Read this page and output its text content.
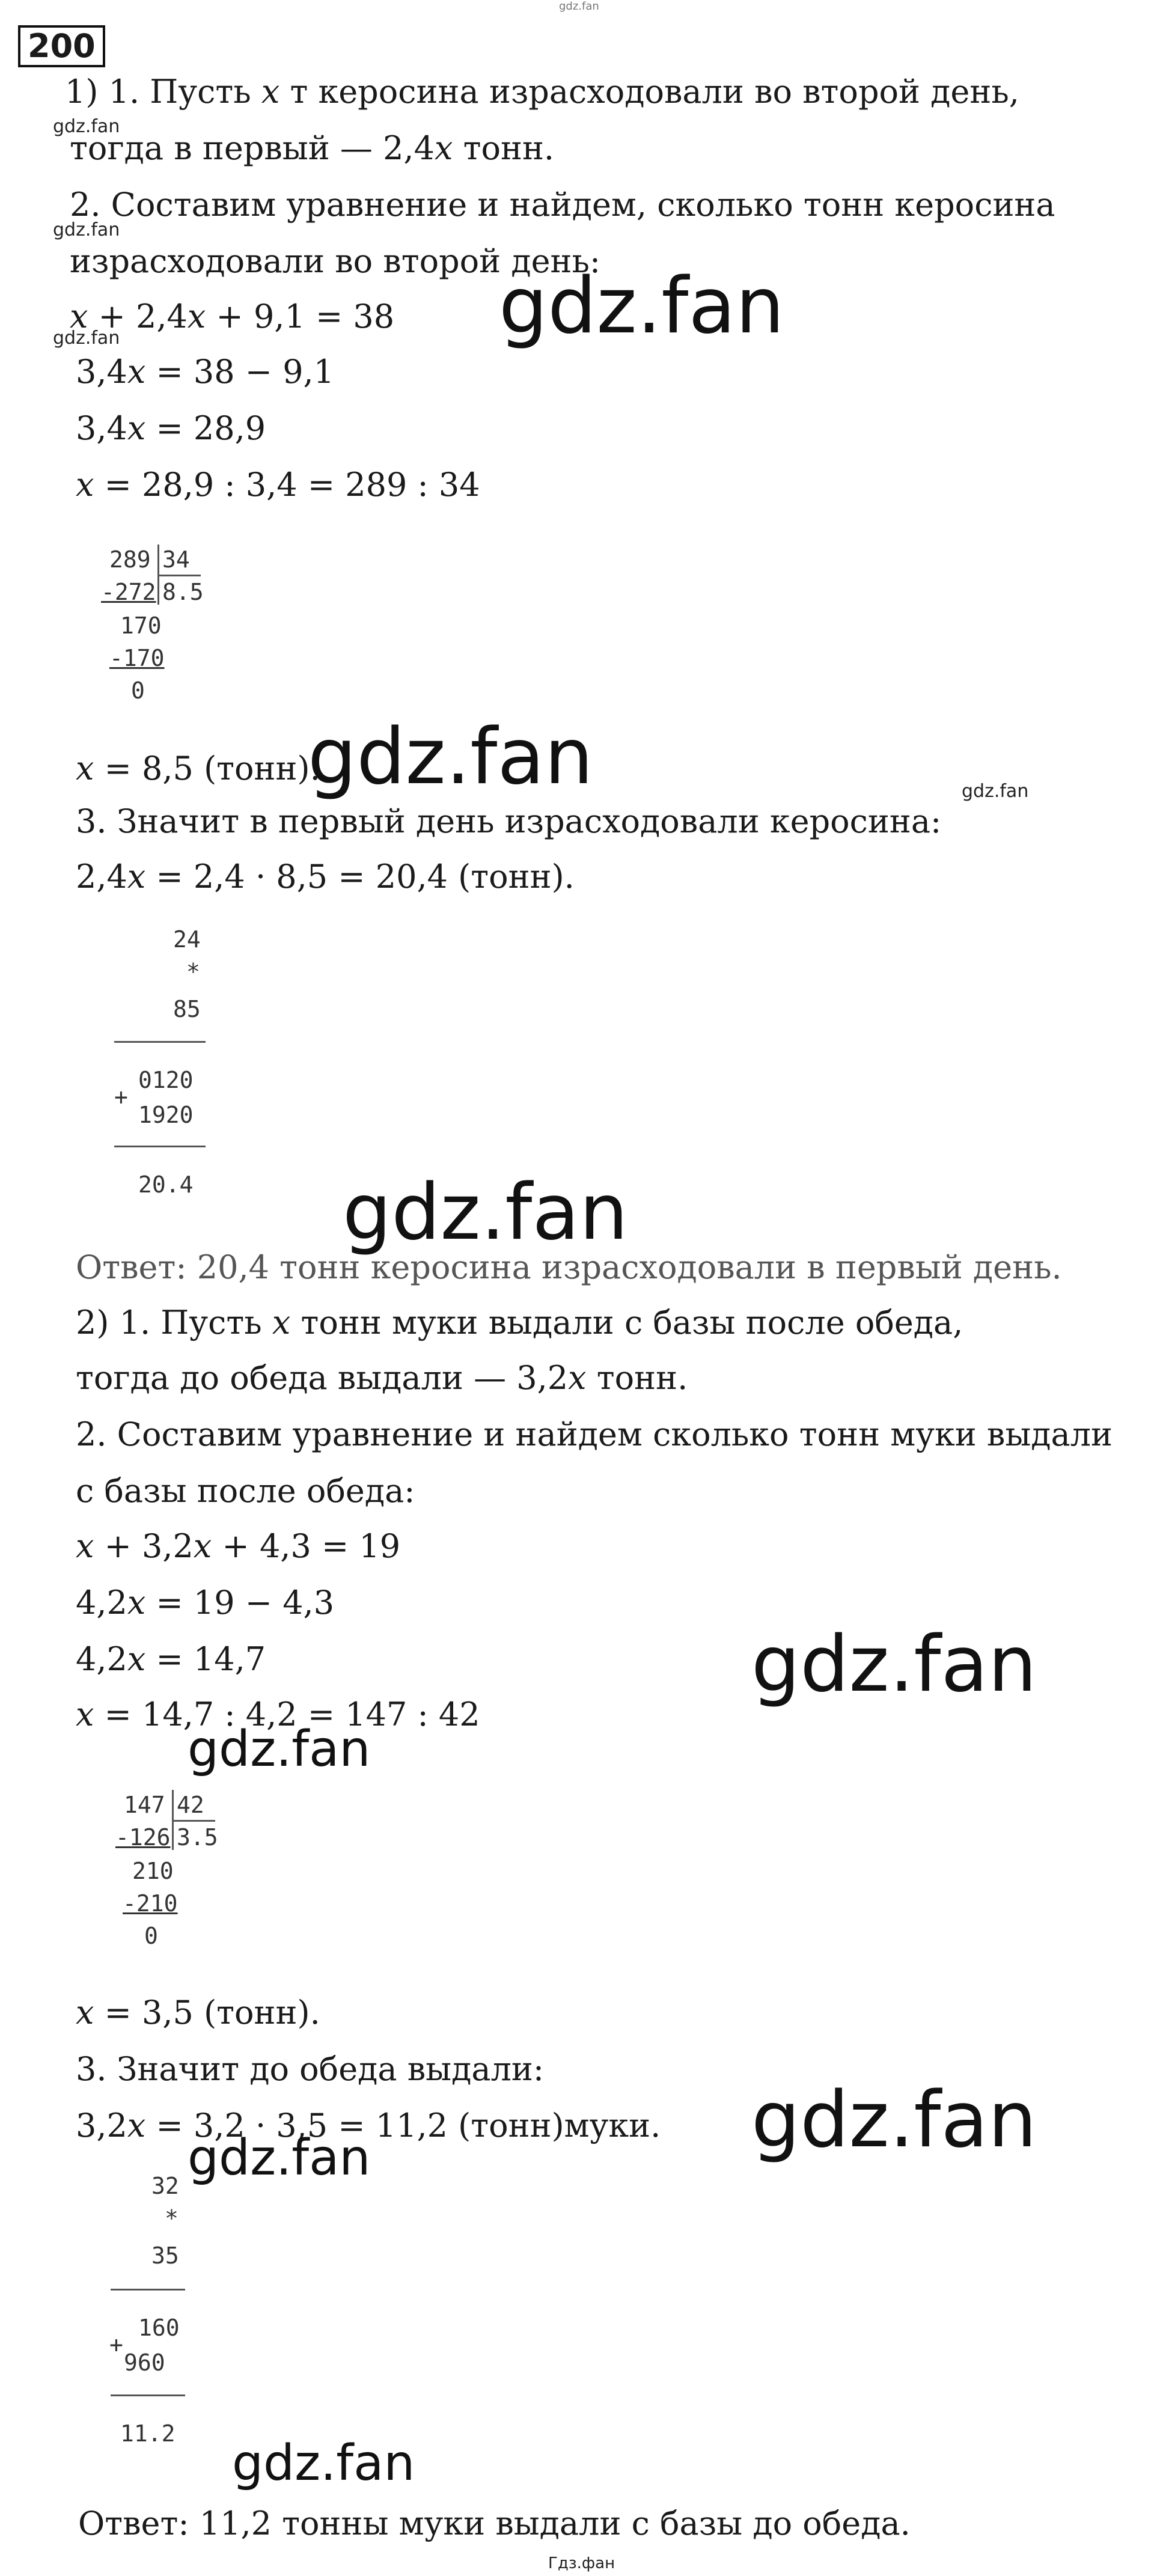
gdz.fan
200
1) 1. Пусть 𝑥 т керосина израсходовали во второй день,
gdz.fan
тогда в первый — 2,4𝑥 тонн.
2. Составим уравнение и найдем, сколько тонн керосина
gdz.fan
израсходовали во второй день:
𝑥 + 2,4𝑥 + 9,1 = 38 gdz.fan
gdz.fan
3,4𝑥 = 38 − 9,1
3,4𝑥 = 28,9
𝑥 = 28,9 : 3,4 = 289 : 34
289 34
-272 8.5
170
-170
0
𝑥 = 8,5 (тонн).
gdz.fan	gdz.fan
3. Значит в первый день израсходовали керосина:
2,4𝑥 = 2,4 · 8,5 = 20,4 (тонн).
24
*
85
+
0120
1920
20.4 gdz.fan
Ответ: 20,4 тонн керосина израсходовали в первый день.
2) 1. Пусть 𝑥 тонн муки выдали с базы после обеда,
тогда до обеда выдали — 3,2𝑥 тонн.
2. Составим уравнение и найдем сколько тонн муки выдали
с базы после обеда:
𝑥 + 3,2𝑥 + 4,3 = 19
4,2𝑥 = 19 − 4,3
4,2𝑥 = 14,7	gdz.fan
𝑥 = 14,7 : 4,2 = 147 : 42
gdz.fan
147 42
-126 3.5
210
-210
0
𝑥 = 3,5 (тонн).
3. Значит до обеда выдали:
3,2𝑥 = 3,2 · 3,5 = 11,2 (тонн)муки. gdz.fan
gdz.fan
32
*
35
+
160
960
11.2
gdz.fan
Ответ: 11,2 тонны муки выдали с базы до обеда.
Гдз.фан
